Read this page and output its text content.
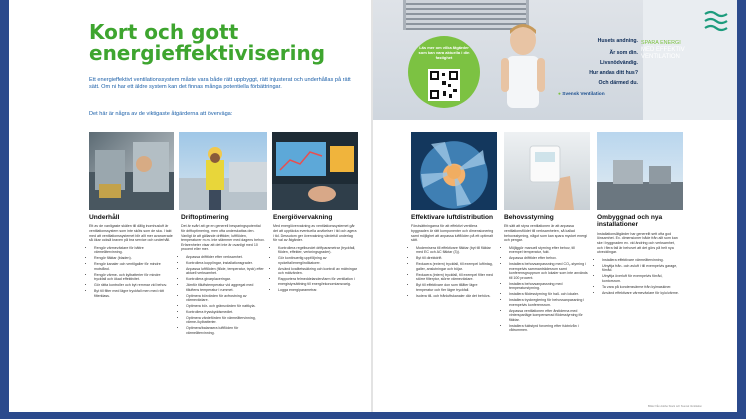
Kort och gott energieffektivisering
Ett energieffektivt ventilationssystem måste vara både rätt uppbyggt, rätt injusterat och underhållas på rätt sätt. Om ni har ett äldre system kan det finnas många potentiella förbättringar.
Det här är några av de viktigaste åtgärderna att överväga:
Underhåll

Ett av de vanligaste skälen till dålig inomhusluft är ventilationssystem som inte sköts som de ska. I takt med att ventilationssystemet blir allt mer avancerade så ökar också kraven på bra service och underhåll.

• Rengör värmeväxlare för bättre värmeåtervinning.
• Rengör fläktar (bladen).
• Rengör kanaler och ventilgaller för mindre motstånd.
• Rengör värme- och kylbatterier för mindre tryckfall och ökad effektivitet.
• Gör rätta kontroller och byt remmar vid behov.
• Byt till filter med lägre tryckfall men med rätt filterklass.
Driftoptimering

Det är svårt att ge en generell besparingspotential för driftoptimering, men ofta underskattas den. Vanligt är att gällande drifttider, luftflöden, temperaturer m.m. inte stämmer med dagens behov. Erfarenheter visar att det inte är ovanligt med 10 procent eller mer.

• Anpassa drifttider efter verksamhet.
• Kontrollera kopplingar, installationsgrader.
• Anpassa luftflöden (flöde, temperatur, tryck) efter aktuell verksamhet.
• Kontrollera givarplaceringar.
• Jämför tilluftstemperatur vid aggregat med tilluftens temperatur i rummet.
• Optimera börvärden för avfrostning av värmeväxlare.
• Optimera bör- och gränsvärden för nattkyla.
• Kontrollera frysskyddsmedlet.
• Optimera värdeförden för värmeåtervinning, värme-/kylbatterier.
• Optimera/balansera luftflöden för värmeåtervinning.
Energiövervakning

Med energiövervakning av ventilationssystemet går det att upptäcka eventuella avvikelser i tid och agera i tid. Dessutom ger övervakning värdefull underlag för val av åtgärder.

• Kontrollera regelbundet driftparametrar (tryckfall, flöden, effekter, verkningsgrader).
• Gör kontinuerlig uppföljning av nyckeltal/energiindikatorer.
• Använd kvalitetssäkring och kontroll av mätningar och mätvärden.
• Rapportera felmeddelanden/larm för ventilation i energistyrsättning till energi/ekonomiansvarig.
• Logga energiparametrar.
Läs mer om vilka åtgärder som kan vara aktuella i din fastighet
Husets andning.
Är som din.
Livsnödvändig.
Hur andas ditt hus?
Och därmed du.
SPARA ENERGI
MED EFFEKTIV
VENTILATION
● Svensk Ventilation
Effektivare luftdistribution

Förutsättningarna för att effektivt ventilera byggnaden är rätt komponenter och dimensionering samt möjlighet att anpassa luftflöden på ett optimalt sätt.

• Modernisera till effektivare fläktar (byt till fläktar med EC och AC fläktar (3)).
• Byt till direktdrift.
• Reducera (extern) tryckfall, till exempel luftintag, galler, anslutningar och böjar.
• Reducera (intern) tryckfall, till exempel filter med större filterytor, större värmeväxlare.
• Byt till effektivare don som tillåter lägre temperatur och fler lägre tryckfall.
• Isolera till- och frånluftskanaler där det behövs.
Behovsstyrning

Ett sätt att styra ventilationen är att anpassa ventilationsflödet till verksamheten, så kallad behovsstyrning, något som kan spara mycket energi och pengar.

• Möjliggör manuell styrning efter behov, till exempel temperatur, fukt.
• Anpassa drifttider efter behov.
• Installera behovsanpassning med CO₂-styrning i exempelvis sammanträdesrum samt konferensgrupprum och lokaler som inte används till 100 procent.
• Installera behovsanpassning med temperaturstyrning.
• Installera flödesstyrning för hall- och lokaler.
• Installera tryckreglering för behovsanpassning i exempelvis konferensrum.
• Anpassa ventilationen efter årstiderna med vintersparläge kompenserad flödesstyrning för fläktar.
• Installera fuktstyrd forcering efter fuktnivån i våtrummen.
Ombyggnad och nya installationer

Installationsåtgärder har generellt sett ofta god lönsamhet. Ex. dimensioner både från allt som kan ske i byggnaden ex. vid ändring och verksamhet, och i flera fall är behovet att det görs på helt nya utvecklingar.

• Installera effektivare värmeåtervinning.
• Utnyttja från- och avluft i till exempelvis garage, förråd.
• Utnyttja överluft för exempelvis förråd, kontorsrum.
• Ta vara på kondensvärme från kylmaskiner.
• Använd effektivare värmeväxlare för kylo/värme.
Bilder från Adobe Stock och Svensk Ventilation
